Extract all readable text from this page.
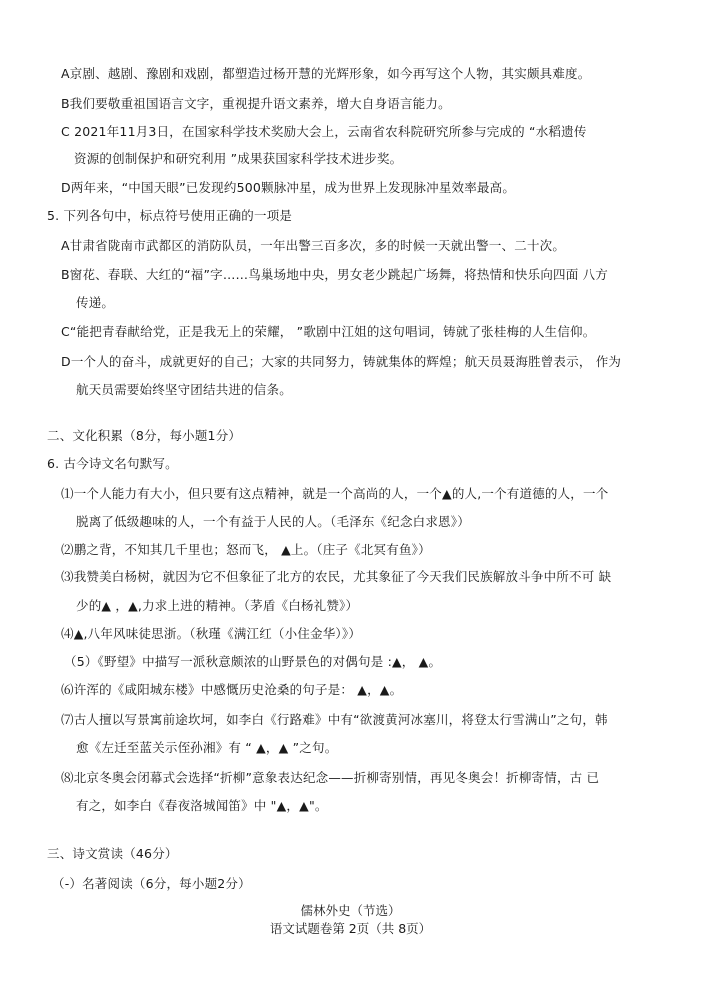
A京剧、越剧、豫剧和戏剧，都塑造过杨开慧的光辉形象，如今再写这个人物，其实颇具难度。
B我们要敬重祖国语言文字，重视提升语文素养，增大自身语言能力。
C 2021年11月3日，在国家科学技术奖励大会上，云南省农科院研究所参与完成的 “水稻遗传
资源的创制保护和研究利用 ”成果获国家科学技术进步奖。
D两年来，“中国天眼”已发现约500颗脉冲星，成为世界上发现脉冲星效率最高。
5. 下列各句中，标点符号使用正确的一项是
A甘肃省陇南市武都区的消防队员，一年出警三百多次，多的时候一天就出警一、二十次。
B窗花、春联、大红的“福”字……鸟巢场地中央，男女老少跳起广场舞，将热情和快乐向四面 八方
传递。
C“能把青春献给党，正是我无上的荣耀， ”歌剧中江姐的这句唱词，铸就了张桂梅的人生信仰。
D一个人的奋斗，成就更好的自己；大家的共同努力，铸就集体的辉煌；航天员聂海胜曾表示， 作为
航天员需要始终坚守团结共进的信条。
二、文化积累（8分，每小题1分）
6. 古今诗文名句默写。
⑴一个人能力有大小，但只要有这点精神，就是一个高尚的人，一个▲的人,一个有道德的人，一个
脱离了低级趣味的人，一个有益于人民的人。（毛泽东《纪念白求恩》）
⑵鹏之背，不知其几千里也；怒而飞， ▲上。（庄子《北冥有鱼》）
⑶我赞美白杨树，就因为它不但象征了北方的农民，尤其象征了今天我们民族解放斗争中所不可 缺
少的▲ ，▲,力求上进的精神。（茅盾《白杨礼赞》）
⑷▲,八年风味徒思浙。（秋瑾《满江红（小住金华）》）
（5）《野望》中描写一派秋意颇浓的山野景色的对偶句是 :▲， ▲。
⑹许浑的《咸阳城东楼》中感慨历史沧桑的句子是： ▲，▲。
⑺古人擅以写景寓前途坎坷，如李白《行路难》中有“欲渡黄河冰塞川，将登太行雪满山”之句，韩
愈《左迁至蓝关示侄孙湘》有 “ ▲，▲ ”之句。
⑻北京冬奥会闭幕式会选择“折柳”意象表达纪念——折柳寄别情，再见冬奥会！折柳寄情，古 已
有之，如李白《春夜洛城闻笛》中 "▲，▲"。
三、诗文赏读（46分）
（-）名著阅读（6分，每小题2分）
儒林外史（节选）
语文试题卷第 2页（共 8页）
